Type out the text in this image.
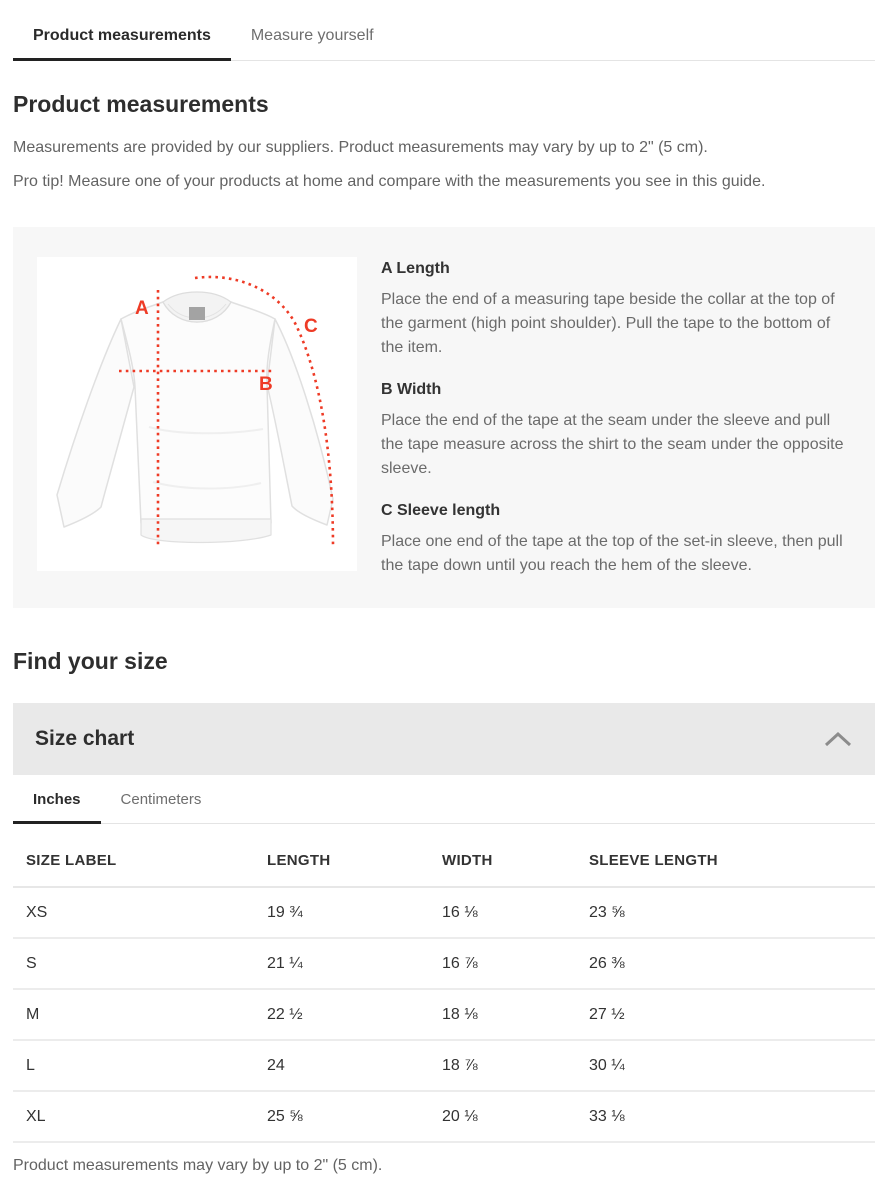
Product measurements	Measure yourself
Product measurements

Measurements are provided by our suppliers. Product measurements may vary by up to 2" (5 cm).

Pro tip! Measure one of your products at home and compare with the measurements you see in this guide.

A
B
C
A Length

Place the end of a measuring tape beside the collar at the top of the garment (high point shoulder). Pull the tape to the bottom of the item.

B Width

Place the end of the tape at the seam under the sleeve and pull the tape measure across the shirt to the seam under the opposite sleeve.

C Sleeve length

Place one end of the tape at the top of the set-in sleeve, then pull the tape down until you reach the hem of the sleeve.

Find your size
Size chart
Inches	Centimeters
SIZE LABEL	LENGTH	WIDTH	SLEEVE LENGTH
XS	19 ¾	16 ⅛	23 ⅝
S	21 ¼	16 ⅞	26 ⅜
M	22 ½	18 ⅛	27 ½
L	24	18 ⅞	30 ¼
XL	25 ⅝	20 ⅛	33 ⅛

Product measurements may vary by up to 2" (5 cm).
